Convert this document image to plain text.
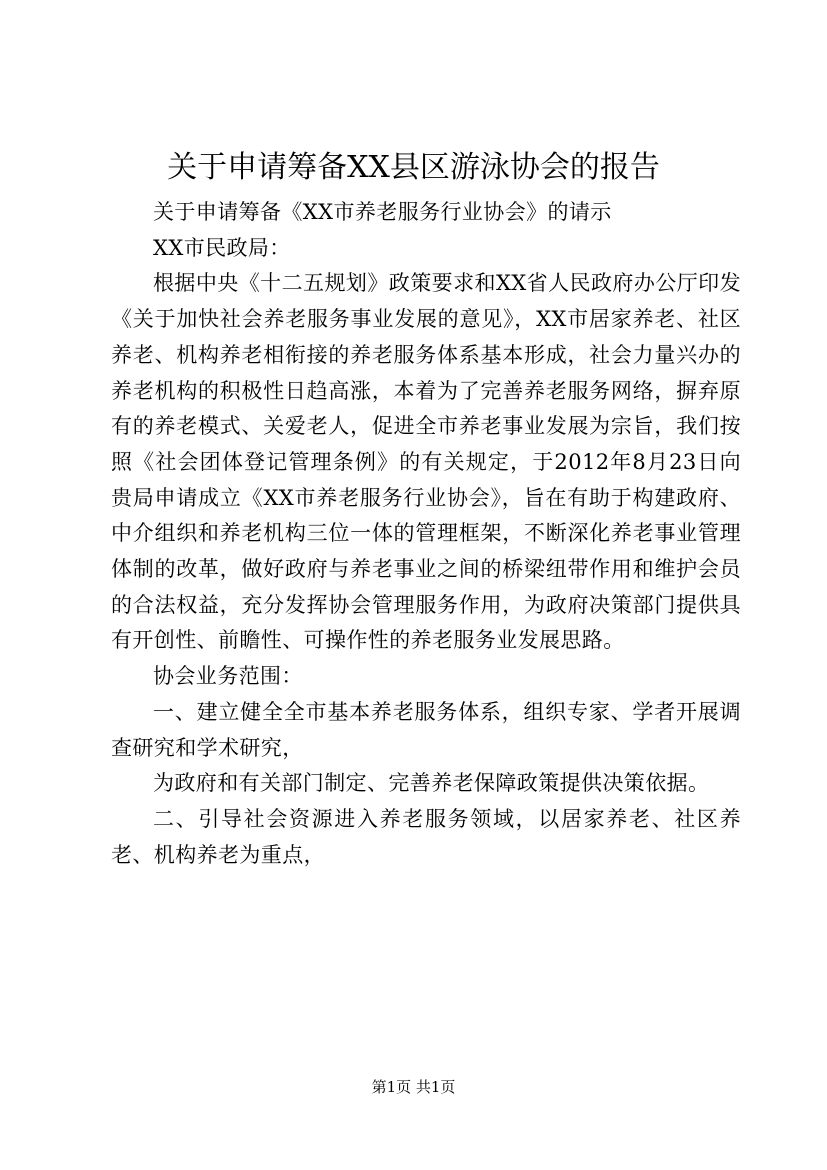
关于申请筹备XX县区游泳协会的报告

关于申请筹备《XX市养老服务行业协会》的请示

XX市民政局：

根据中央《十二五规划》政策要求和XX省人民政府办公厅印发《关于加快社会养老服务事业发展的意见》，XX市居家养老、社区养老、机构养老相衔接的养老服务体系基本形成，社会力量兴办的养老机构的积极性日趋高涨，本着为了完善养老服务网络，摒弃原有的养老模式、关爱老人，促进全市养老事业发展为宗旨，我们按照《社会团体登记管理条例》的有关规定，于2012年8月23日向贵局申请成立《XX市养老服务行业协会》，旨在有助于构建政府、中介组织和养老机构三位一体的管理框架，不断深化养老事业管理体制的改革，做好政府与养老事业之间的桥梁纽带作用和维护会员的合法权益，充分发挥协会管理服务作用，为政府决策部门提供具有开创性、前瞻性、可操作性的养老服务业发展思路。

协会业务范围：

一、建立健全全市基本养老服务体系，组织专家、学者开展调查研究和学术研究，

为政府和有关部门制定、完善养老保障政策提供决策依据。

二、引导社会资源进入养老服务领域，以居家养老、社区养老、机构养老为重点，

第1页 共1页
